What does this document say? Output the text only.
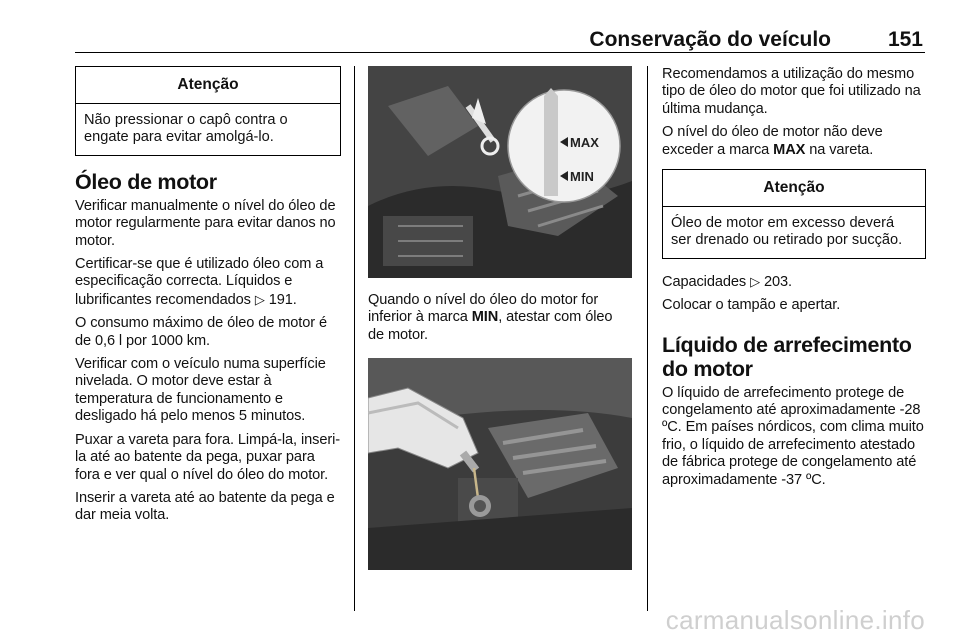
Conservação do veículo	151
Atenção
Não pressionar o capô contra o engate para evitar amolgá-lo.
Óleo de motor

Verificar manualmente o nível do óleo de motor regularmente para evitar danos no motor.

Certificar-se que é utilizado óleo com a especificação correcta. Líquidos e lubrificantes recomendados ▷ 191.

O consumo máximo de óleo de motor é de 0,6 l por 1000 km.

Verificar com o veículo numa superfície nivelada. O motor deve estar à temperatura de funcionamento e desligado há pelo menos 5 minutos.

Puxar a vareta para fora. Limpá-la, inseri-la até ao batente da pega, puxar para fora e ver qual o nível do óleo do motor.

Inserir a vareta até ao batente da pega e dar meia volta.

MAX
MIN

Quando o nível do óleo do motor for inferior à marca MIN, atestar com óleo de motor.

Recomendamos a utilização do mesmo tipo de óleo do motor que foi utilizado na última mudança.

O nível do óleo de motor não deve exceder a marca MAX na vareta.

Atenção
Óleo de motor em excesso deverá ser drenado ou retirado por sucção.

Capacidades ▷ 203.

Colocar o tampão e apertar.

Líquido de arrefecimento do motor

O líquido de arrefecimento protege de congelamento até aproximadamente -28 ºC. Em países nórdicos, com clima muito frio, o líquido de arrefecimento atestado de fábrica protege de congelamento até aproximadamente -37 ºC.

carmanualsonline.info
